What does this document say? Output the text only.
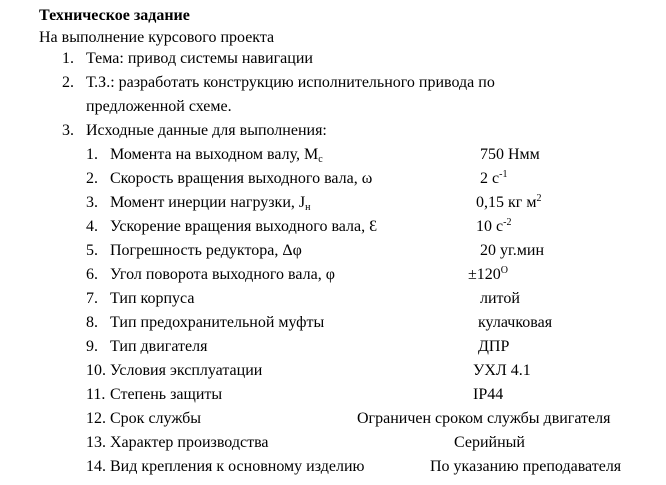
Техническое задание
На выполнение курсового проекта
1. Тема: привод системы навигации
2. Т.З.: разработать конструкцию исполнительного привода по
предложенной схеме.
3. Исходные данные для выполнения:
1. Момента на выходном валу, $М_с$	750 Нмм
2. Скорость вращения выходного вала, ω	2 $с^{-1}$
3. Момент инерции нагрузки, $J_н$	0,15 кг $м^2$
4. Ускорение вращения выходного вала, Ɛ	10 $с^{-2}$
5. Погрешность редуктора, Δφ	20 уг.мин
6. Угол поворота выходного вала, φ	$\pm 120^O$
7. Тип корпуса	литой
8. Тип предохранительной муфты	кулачковая
9. Тип двигателя	ДПР
10. Условия эксплуатации	УХЛ 4.1
11. Степень защиты	IP44
12. Срок службы	Ограничен сроком службы двигателя
13. Характер производства	Серийный
14. Вид крепления к основному изделию	По указанию преподавателя
